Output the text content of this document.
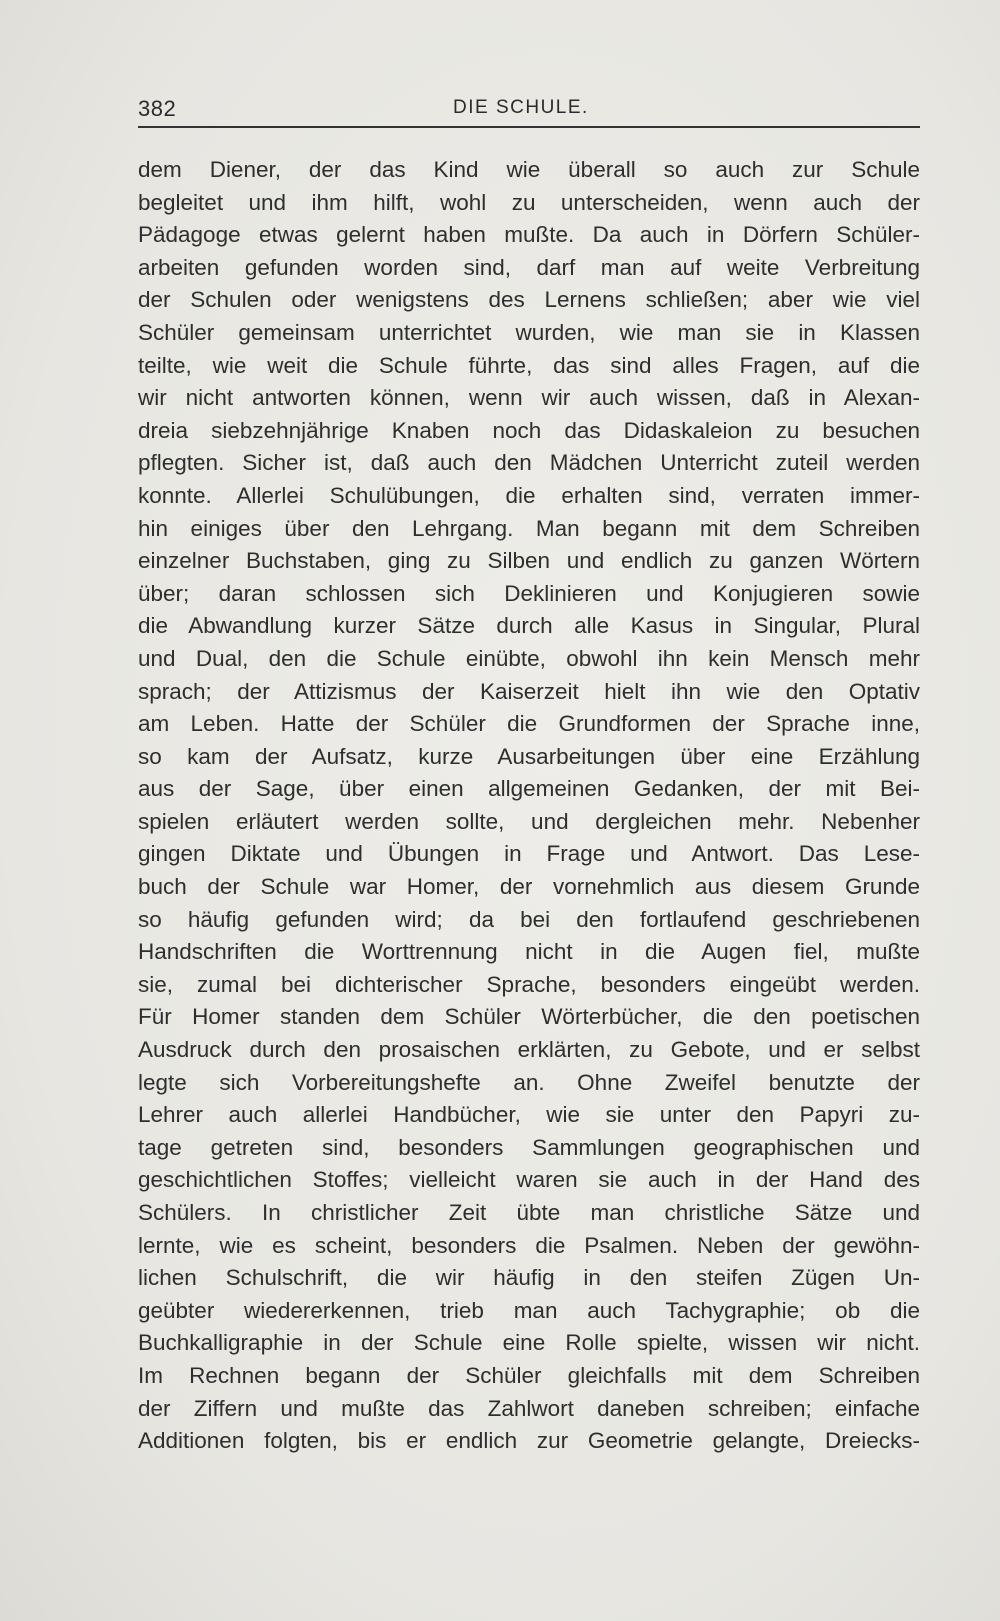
382	DIE SCHULE.
dem Diener, der das Kind wie überall so auch zur Schule
begleitet und ihm hilft, wohl zu unterscheiden, wenn auch der
Pädagoge etwas gelernt haben mußte. Da auch in Dörfern Schüler-
arbeiten gefunden worden sind, darf man auf weite Verbreitung
der Schulen oder wenigstens des Lernens schließen; aber wie viel
Schüler gemeinsam unterrichtet wurden, wie man sie in Klassen
teilte, wie weit die Schule führte, das sind alles Fragen, auf die
wir nicht antworten können, wenn wir auch wissen, daß in Alexan-
dreia siebzehnjährige Knaben noch das Didaskaleion zu besuchen
pflegten. Sicher ist, daß auch den Mädchen Unterricht zuteil werden
konnte. Allerlei Schulübungen, die erhalten sind, verraten immer-
hin einiges über den Lehrgang. Man begann mit dem Schreiben
einzelner Buchstaben, ging zu Silben und endlich zu ganzen Wörtern
über; daran schlossen sich Deklinieren und Konjugieren sowie
die Abwandlung kurzer Sätze durch alle Kasus in Singular, Plural
und Dual, den die Schule einübte, obwohl ihn kein Mensch mehr
sprach; der Attizismus der Kaiserzeit hielt ihn wie den Optativ
am Leben. Hatte der Schüler die Grundformen der Sprache inne,
so kam der Aufsatz, kurze Ausarbeitungen über eine Erzählung
aus der Sage, über einen allgemeinen Gedanken, der mit Bei-
spielen erläutert werden sollte, und dergleichen mehr. Nebenher
gingen Diktate und Übungen in Frage und Antwort. Das Lese-
buch der Schule war Homer, der vornehmlich aus diesem Grunde
so häufig gefunden wird; da bei den fortlaufend geschriebenen
Handschriften die Worttrennung nicht in die Augen fiel, mußte
sie, zumal bei dichterischer Sprache, besonders eingeübt werden.
Für Homer standen dem Schüler Wörterbücher, die den poetischen
Ausdruck durch den prosaischen erklärten, zu Gebote, und er selbst
legte sich Vorbereitungshefte an. Ohne Zweifel benutzte der
Lehrer auch allerlei Handbücher, wie sie unter den Papyri zu-
tage getreten sind, besonders Sammlungen geographischen und
geschichtlichen Stoffes; vielleicht waren sie auch in der Hand des
Schülers. In christlicher Zeit übte man christliche Sätze und
lernte, wie es scheint, besonders die Psalmen. Neben der gewöhn-
lichen Schulschrift, die wir häufig in den steifen Zügen Un-
geübter wiedererkennen, trieb man auch Tachygraphie; ob die
Buchkalligraphie in der Schule eine Rolle spielte, wissen wir nicht.
Im Rechnen begann der Schüler gleichfalls mit dem Schreiben
der Ziffern und mußte das Zahlwort daneben schreiben; einfache
Additionen folgten, bis er endlich zur Geometrie gelangte, Dreiecks-
